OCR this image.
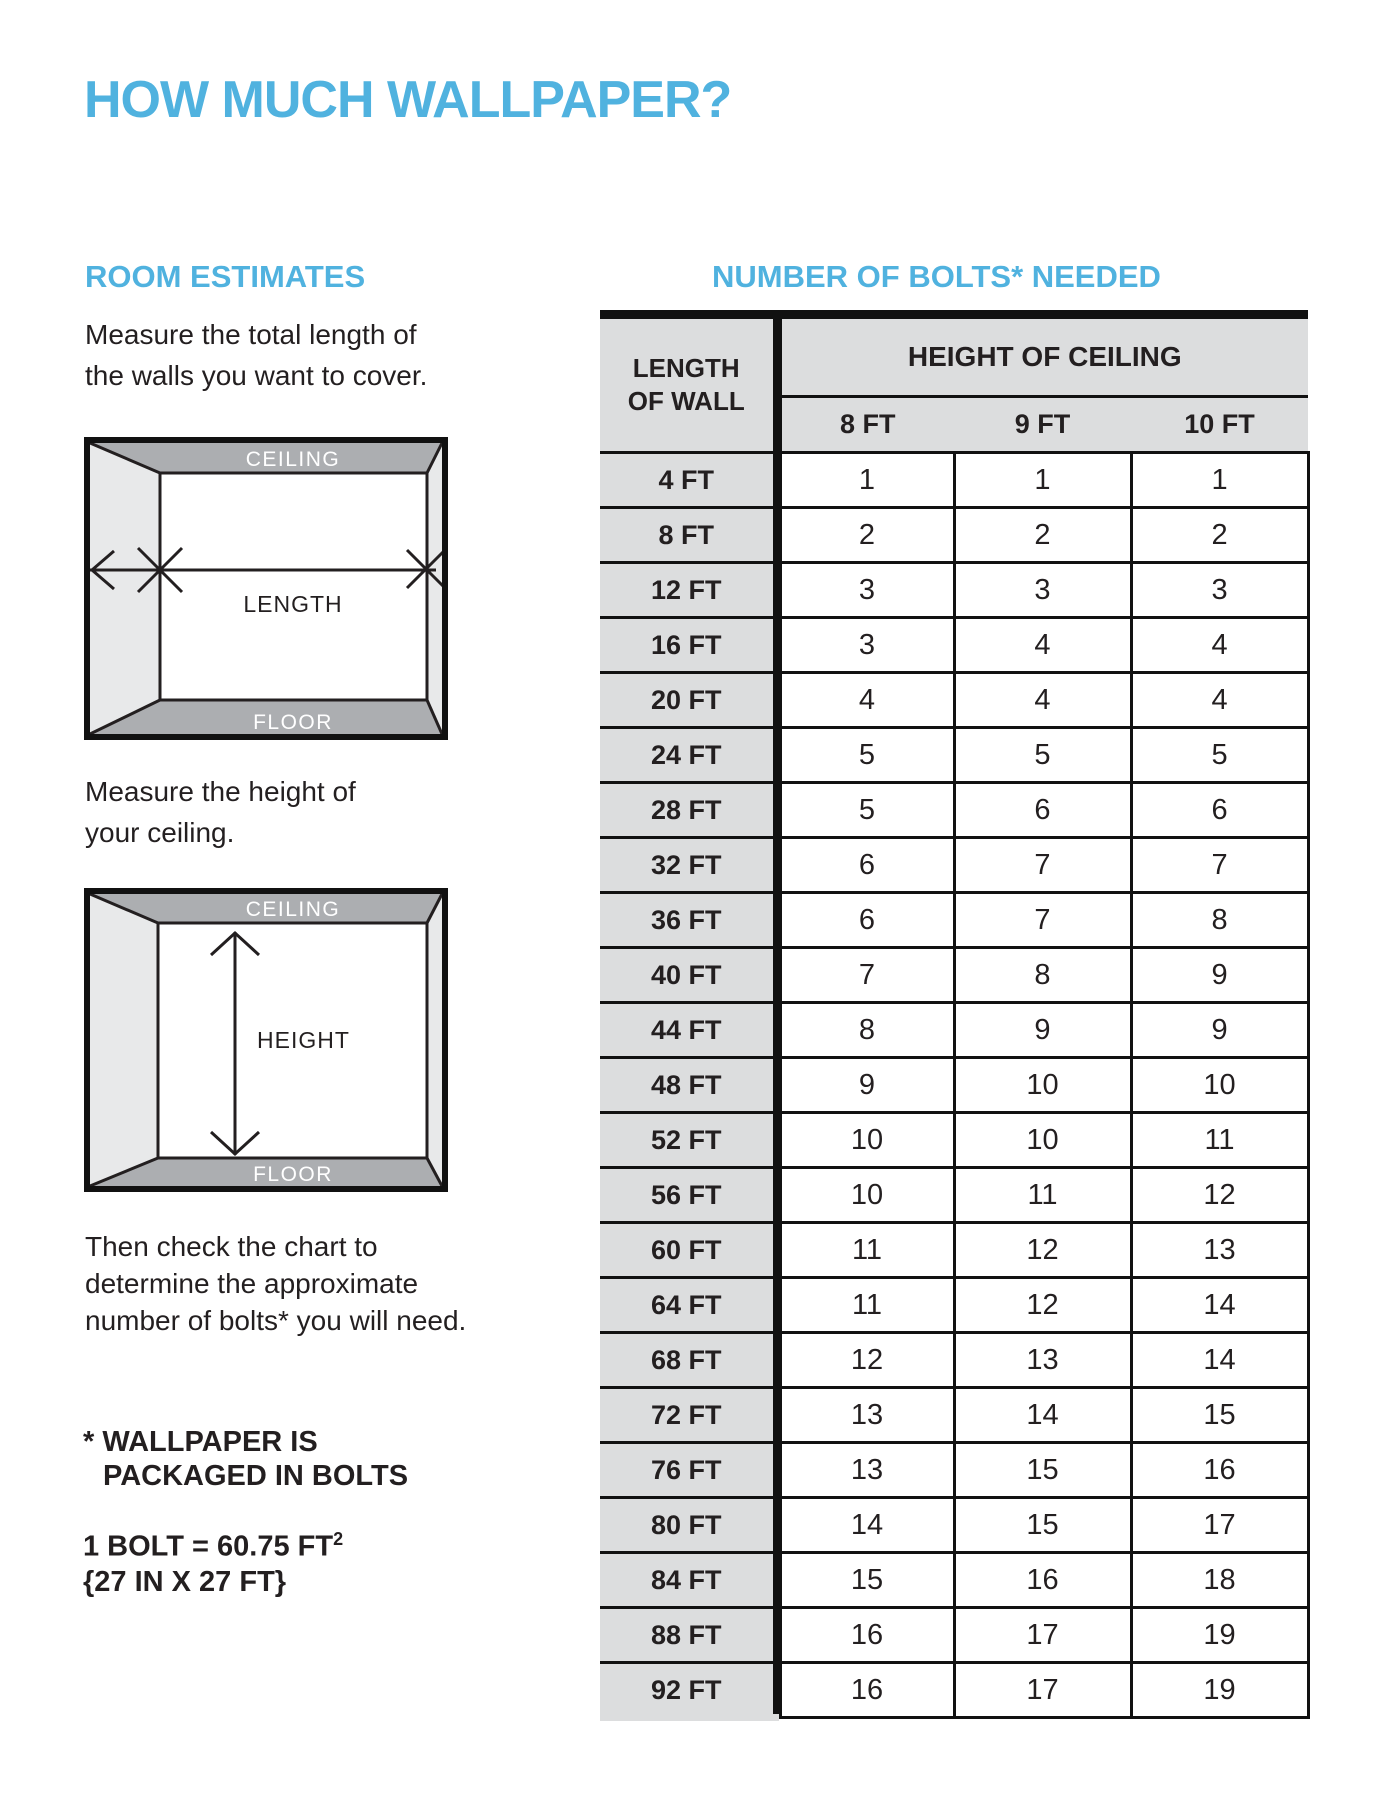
HOW MUCH WALLPAPER?
ROOM ESTIMATES
Measure the total length of
the walls you want to cover.
CEILING
FLOOR
LENGTH
Measure the height of
your ceiling.
CEILING
FLOOR
HEIGHT
Then check the chart to
determine the approximate
number of bolts* you will need.
* WALLPAPER IS
PACKAGED IN BOLTS
1 BOLT = 60.75 $FT^2$
{27 IN X 27 FT}
NUMBER OF BOLTS* NEEDED
LENGTH
OF WALL	HEIGHT OF CEILING		
	8 FT	9 FT	10 FT
4 FT	1	1	1
8 FT	2	2	2
12 FT	3	3	3
16 FT	3	4	4
20 FT	4	4	4
24 FT	5	5	5
28 FT	5	6	6
32 FT	6	7	7
36 FT	6	7	8
40 FT	7	8	9
44 FT	8	9	9
48 FT	9	10	10
52 FT	10	10	11
56 FT	10	11	12
60 FT	11	12	13
64 FT	11	12	14
68 FT	12	13	14
72 FT	13	14	15
76 FT	13	15	16
80 FT	14	15	17
84 FT	15	16	18
88 FT	16	17	19
92 FT	16	17	19
